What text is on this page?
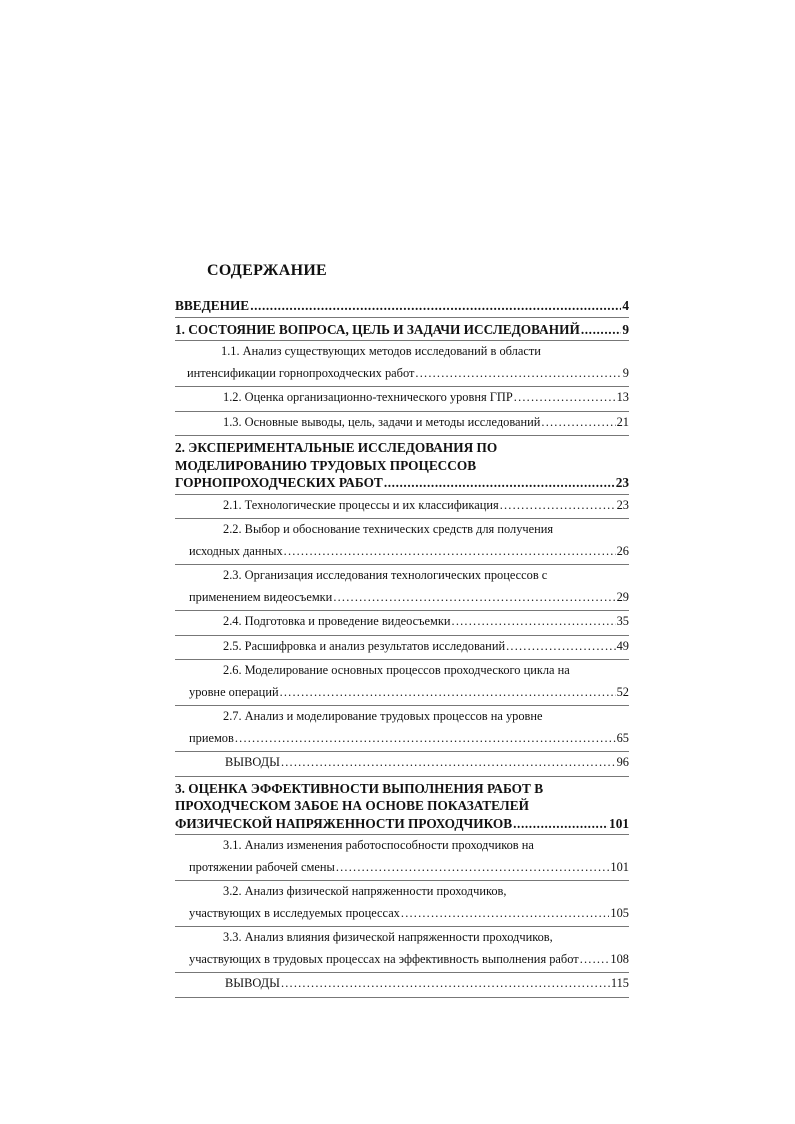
СОДЕРЖАНИЕ
ВВЕДЕНИЕ .....	4
1. СОСТОЯНИЕ ВОПРОСА, ЦЕЛЬ И ЗАДАЧИ ИССЛЕДОВАНИЙ .....	9
1.1. Анализ существующих методов исследований в области
интенсификации горнопроходческих работ .....	9
1.2. Оценка организационно-технического уровня ГПР .....	13
1.3. Основные выводы, цель, задачи и методы исследований .....	21
2. ЭКСПЕРИМЕНТАЛЬНЫЕ ИССЛЕДОВАНИЯ ПО
МОДЕЛИРОВАНИЮ ТРУДОВЫХ ПРОЦЕССОВ
ГОРНОПРОХОДЧЕСКИХ РАБОТ .....	23
2.1. Технологические процессы и их классификация .....	23
2.2. Выбор и обоснование технических средств для получения
исходных данных .....	26
2.3. Организация исследования технологических процессов с
применением видеосъемки .....	29
2.4. Подготовка и проведение видеосъемки .....	35
2.5. Расшифровка и анализ результатов исследований .....	49
2.6. Моделирование основных процессов проходческого цикла на
уровне операций .....	52
2.7. Анализ и моделирование трудовых процессов на уровне
приемов .....	65
ВЫВОДЫ .....	96
3. ОЦЕНКА ЭФФЕКТИВНОСТИ ВЫПОЛНЕНИЯ РАБОТ В
ПРОХОДЧЕСКОМ ЗАБОЕ НА ОСНОВЕ ПОКАЗАТЕЛЕЙ
ФИЗИЧЕСКОЙ НАПРЯЖЕННОСТИ ПРОХОДЧИКОВ .....	101
3.1. Анализ изменения работоспособности проходчиков на
протяжении рабочей смены .....	101
3.2. Анализ физической напряженности проходчиков,
участвующих в исследуемых процессах .....	105
3.3. Анализ влияния физической напряженности проходчиков,
участвующих в трудовых процессах на эффективность выполнения работ .....	108
ВЫВОДЫ .....	115
